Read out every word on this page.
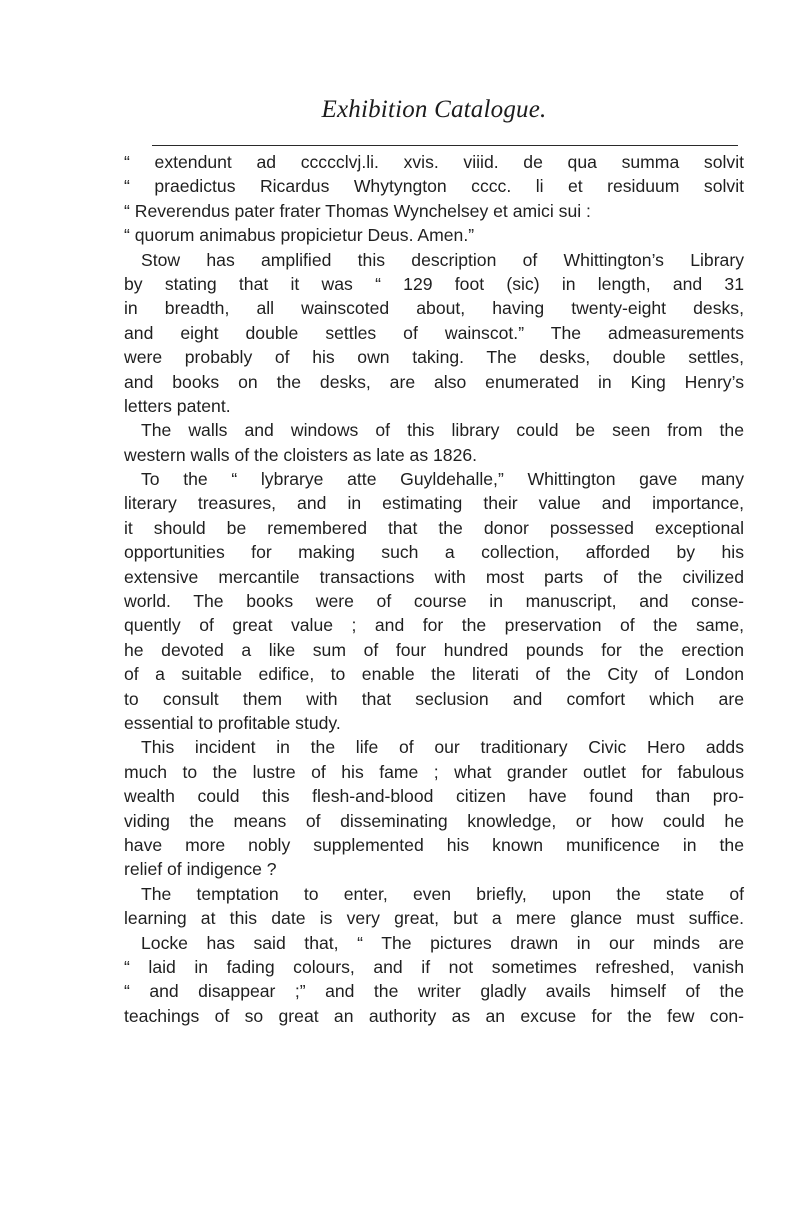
Exhibition Catalogue.
“ extendunt ad ccccclvj.li. xvis. viiid. de qua summa solvit
“ praedictus Ricardus Whytyngton cccc. li et residuum solvit
“ Reverendus pater frater Thomas Wynchelsey et amici sui :
“ quorum animabus propicietur Deus. Amen.”
Stow has amplified this description of Whittington’s Library
by stating that it was “ 129 foot (sic) in length, and 31
in breadth, all wainscoted about, having twenty-eight desks,
and eight double settles of wainscot.” The admeasurements
were probably of his own taking. The desks, double settles,
and books on the desks, are also enumerated in King Henry’s
letters patent.
The walls and windows of this library could be seen from the
western walls of the cloisters as late as 1826.
To the “ lybrarye atte Guyldehalle,” Whittington gave many
literary treasures, and in estimating their value and importance,
it should be remembered that the donor possessed exceptional
opportunities for making such a collection, afforded by his
extensive mercantile transactions with most parts of the civilized
world. The books were of course in manuscript, and conse-
quently of great value ; and for the preservation of the same,
he devoted a like sum of four hundred pounds for the erection
of a suitable edifice, to enable the literati of the City of London
to consult them with that seclusion and comfort which are
essential to profitable study.
This incident in the life of our traditionary Civic Hero adds
much to the lustre of his fame ; what grander outlet for fabulous
wealth could this flesh-and-blood citizen have found than pro-
viding the means of disseminating knowledge, or how could he
have more nobly supplemented his known munificence in the
relief of indigence ?
The temptation to enter, even briefly, upon the state of
learning at this date is very great, but a mere glance must suffice.
Locke has said that, “ The pictures drawn in our minds are
“ laid in fading colours, and if not sometimes refreshed, vanish
“ and disappear ;” and the writer gladly avails himself of the
teachings of so great an authority as an excuse for the few con-
